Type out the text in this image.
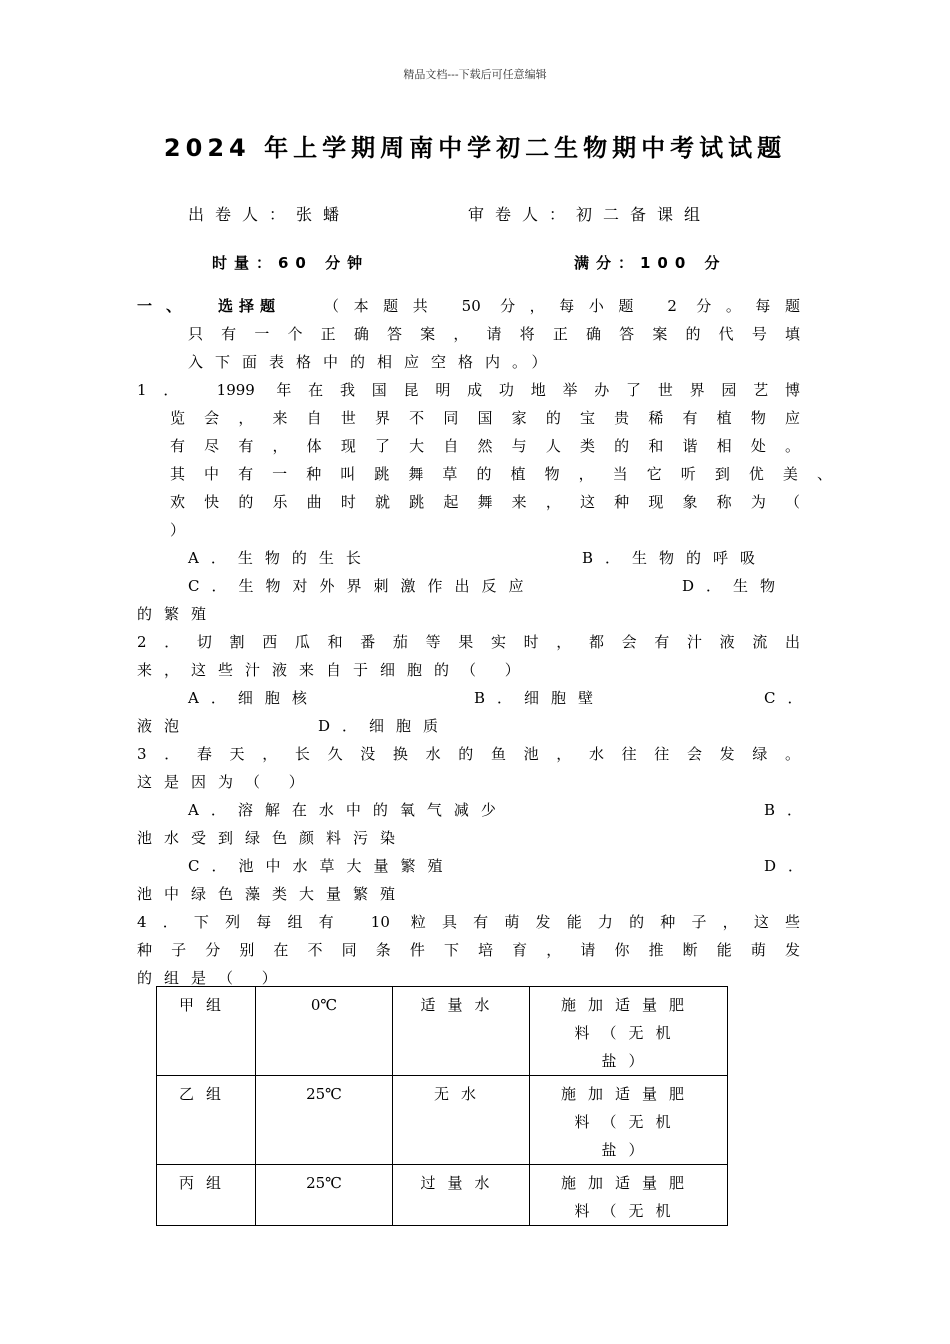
精品文档---下载后可任意编辑
2024 年上学期周南中学初二生物期中考试试题
出卷人：张蟠	审卷人：初二备课组
时量：60 分钟	满分：100 分
一、 选择题	（本题共 50 分，每小题 2 分。每题
只有一个正确答案，请将正确答案的代号填
入下面表格中的相应空格内。）
1． 1999 年在我国昆明成功地举办了世界园艺博
览会，来自世界不同国家的宝贵稀有植物应
有尽有，体现了大自然与人类的和谐相处。
其中有一种叫跳舞草的植物，当它听到优美、
欢快的乐曲时就跳起舞来，这种现象称为（
）
A．生物的生长	B．生物的呼吸
C．生物对外界刺激作出反应	D．生物
的繁殖
2．切割西瓜和番茄等果实时，都会有汁液流出
来，这些汁液来自于细胞的（ ）
A．细胞核	B．细胞壁	C．
液泡	D．细胞质
3．春天，长久没换水的鱼池，水往往会发绿。
这是因为（ ）
A．溶解在水中的氧气减少	B．
池水受到绿色颜料污染
C．池中水草大量繁殖	D．
池中绿色藻类大量繁殖
4．下列每组有 10 粒具有萌发能力的种子，这些
种子分别在不同条件下培育，请你推断能萌发
的组是（ ）
甲组	0℃	适量水	施加适量肥
料（无机
盐）

乙组	25℃	无水	施加适量肥
料（无机
盐）

丙组	25℃	过量水	施加适量肥
料（无机
